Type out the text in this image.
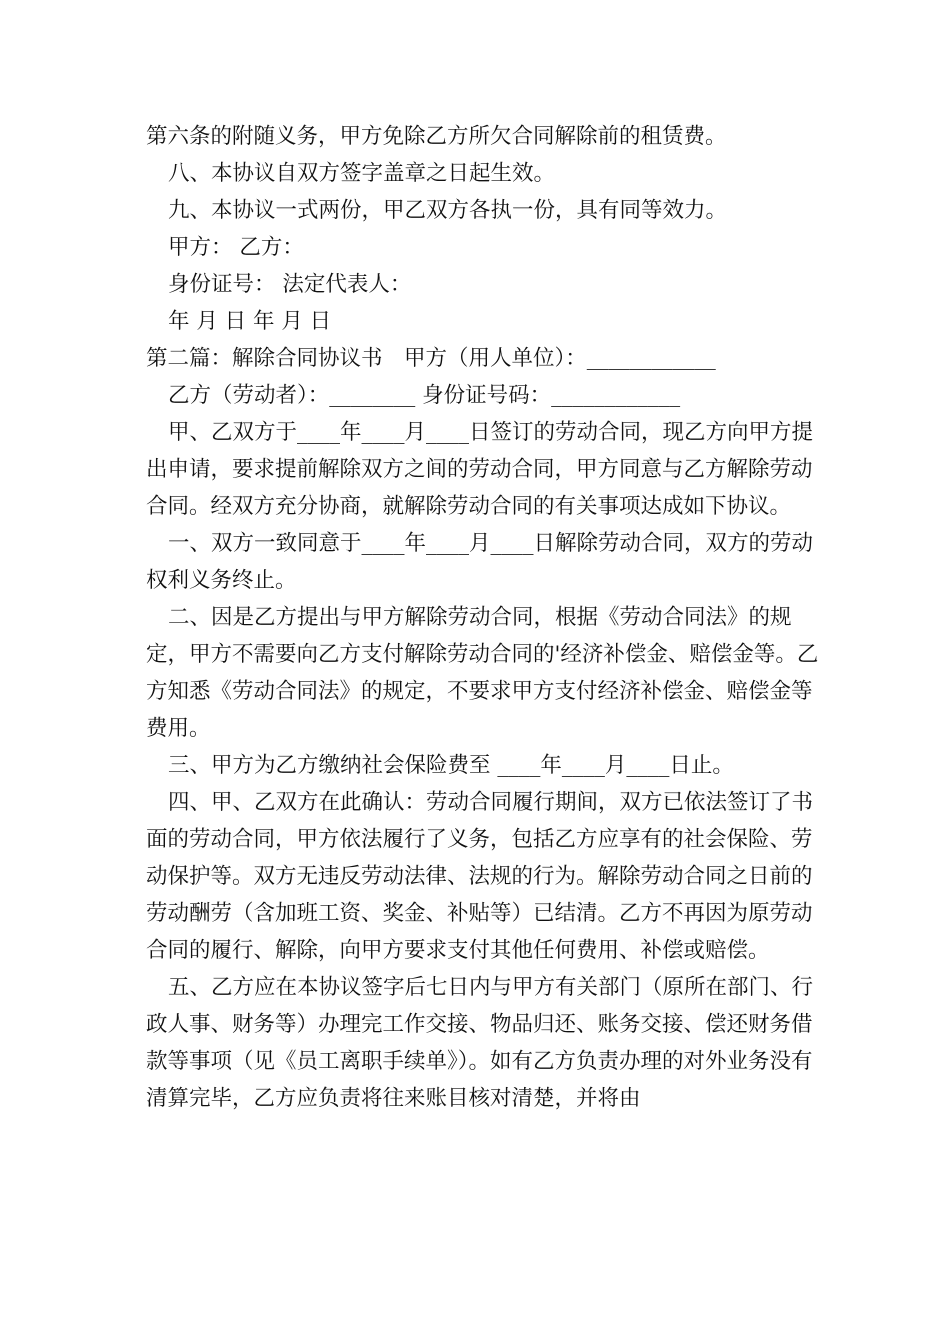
第六条的附随义务，甲方免除乙方所欠合同解除前的租赁费。

八、本协议自双方签字盖章之日起生效。

九、本协议一式两份，甲乙双方各执一份，具有同等效力。

甲方： 乙方：

身份证号： 法定代表人：

年 月 日 年 月 日

第二篇：解除合同协议书　甲方（用人单位）：____________

乙方（劳动者）：________ 身份证号码：____________

甲、乙双方于____年____月____日签订的劳动合同，现乙方向甲方提出申请，要求提前解除双方之间的劳动合同，甲方同意与乙方解除劳动合同。经双方充分协商，就解除劳动合同的有关事项达成如下协议。

一、双方一致同意于____年____月____日解除劳动合同，双方的劳动权利义务终止。

二、因是乙方提出与甲方解除劳动合同，根据《劳动合同法》的规定，甲方不需要向乙方支付解除劳动合同的'经济补偿金、赔偿金等。乙方知悉《劳动合同法》的规定，不要求甲方支付经济补偿金、赔偿金等费用。

三、甲方为乙方缴纳社会保险费至 ____年____月____日止。

四、甲、乙双方在此确认：劳动合同履行期间，双方已依法签订了书面的劳动合同，甲方依法履行了义务，包括乙方应享有的社会保险、劳动保护等。双方无违反劳动法律、法规的行为。解除劳动合同之日前的劳动酬劳（含加班工资、奖金、补贴等）已结清。乙方不再因为原劳动合同的履行、解除，向甲方要求支付其他任何费用、补偿或赔偿。

五、乙方应在本协议签字后七日内与甲方有关部门（原所在部门、行政人事、财务等）办理完工作交接、物品归还、账务交接、偿还财务借款等事项（见《员工离职手续单》）。如有乙方负责办理的对外业务没有清算完毕，乙方应负责将往来账目核对清楚，并将由
